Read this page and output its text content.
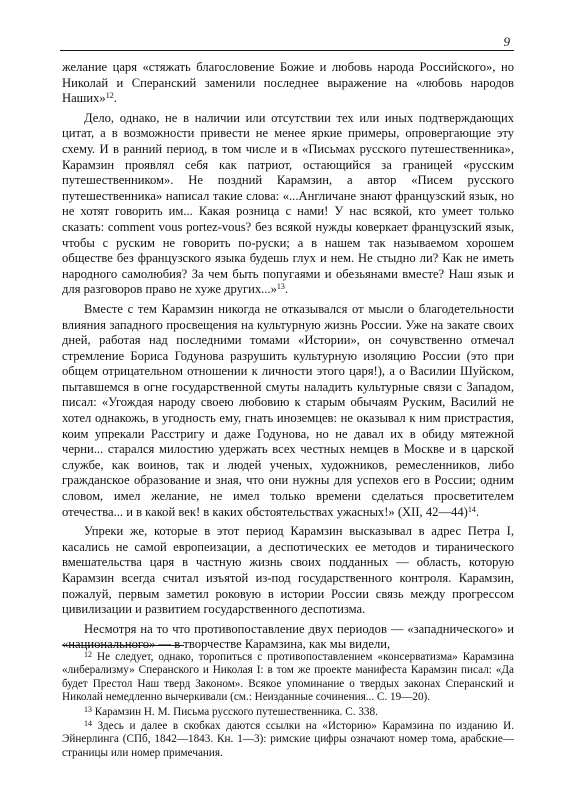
9

желание царя «стяжать благословение Божие и любовь народа Российского», но Николай и Сперанский заменили последнее выражение на «любовь народов Наших»$^{12}$.

Дело, однако, не в наличии или отсутствии тех или иных подтверждающих цитат, а в возможности привести не менее яркие примеры, опровергающие эту схему. И в ранний период, в том числе и в «Письмах русского путешественника», Карамзин проявлял себя как патриот, остающийся за границей «русским путешественником». Не поздний Карамзин, а автор «Писем русского путешественника» написал такие слова: «...Англичане знают французский язык, но не хотят говорить им... Какая розница с нами! У нас всякой, кто умеет только сказать: comment vous portez-vous? без всякой нужды коверкает французский язык, чтобы с руским не говорить по-руски; а в нашем так называемом хорошем обществе без французского языка будешь глух и нем. Не стыдно ли? Как не иметь народного самолюбия? За чем быть попугаями и обезьянами вместе? Наш язык и для разговоров право не хуже других...»$^{13}$.

Вместе с тем Карамзин никогда не отказывался от мысли о благодетельности влияния западного просвещения на культурную жизнь России. Уже на закате своих дней, работая над последними томами «Истории», он сочувственно отмечал стремление Бориса Годунова разрушить культурную изоляцию России (это при общем отрицательном отношении к личности этого царя!), а о Василии Шуйском, пытавшемся в огне государственной смуты наладить культурные связи с Западом, писал: «Угождая народу своею любовию к старым обычаям Руским, Василий не хотел однакожь, в угодность ему, гнать иноземцев: не оказывал к ним пристрастия, коим упрекали Расстригу и даже Годунова, но не давал их в обиду мятежной черни... старался милостию удержать всех честных немцев в Москве и в царской службе, как воинов, так и людей ученых, художников, ремесленников, либо гражданское образование и зная, что они нужны для успехов его в России; одним словом, имел желание, не имел только времени сделаться просветителем отечества... и в какой век! в каких обстоятельствах ужасных!» (XII, 42—44)$^{14}$.

Упреки же, которые в этот период Карамзин высказывал в адрес Петра I, касались не самой европеизации, а деспотических ее методов и тиранического вмешательства царя в частную жизнь своих подданных — область, которую Карамзин всегда считал изъятой из-под государственного контроля. Карамзин, пожалуй, первым заметил роковую в истории России связь между прогрессом цивилизации и развитием государственного деспотизма.

Несмотря на то что противопоставление двух периодов — «западнического» и «национального» — в творчестве Карамзина, как мы видели,

$^{12}$ Не следует, однако, торопиться с противопоставлением «консерватизма» Карамзина «либерализму» Сперанского и Николая I: в том же проекте манифеста Карамзин писал: «Да будет Престол Наш тверд Законом». Всякое упоминание о твердых законах Сперанский и Николай немедленно вычеркивали (см.: Неизданные сочинения... С. 19—20).

$^{13}$ Карамзин Н. М. Письма русского путешественника. С. 338.

$^{14}$ Здесь и далее в скобках даются ссылки на «Историю» Карамзина по изданию И. Эйнерлинга (СПб, 1842—1843. Кн. 1—3): римские цифры означают номер тома, арабские—страницы или номер примечания.
